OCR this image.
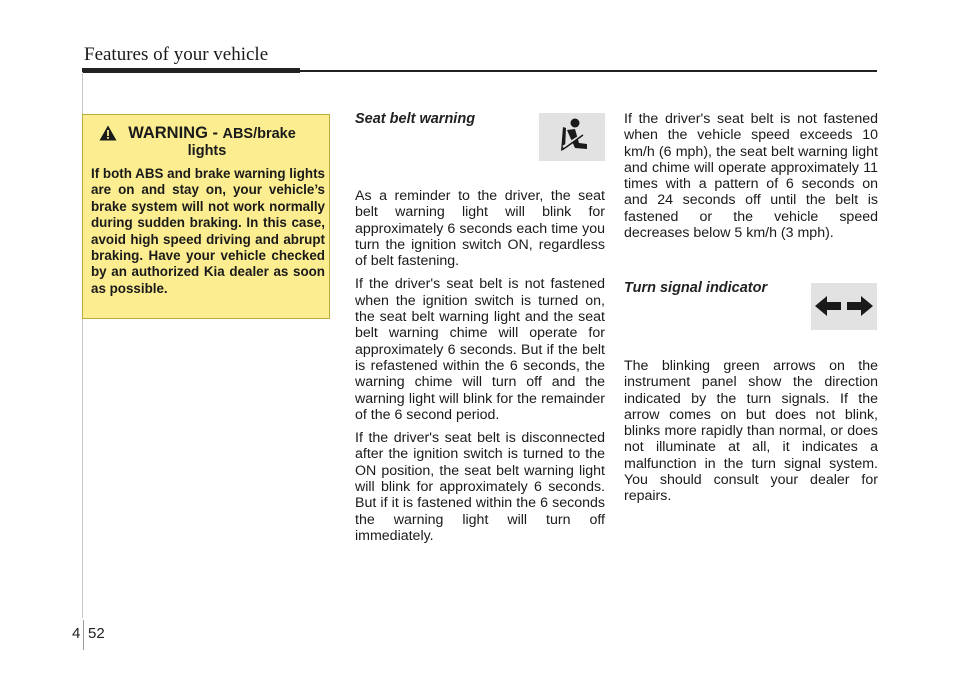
Features of your vehicle
WARNING - ABS/brake
lights
If both ABS and brake warning lights are on and stay on, your vehicle’s brake system will not work normally during sudden braking. In this case, avoid high speed driving and abrupt braking. Have your vehicle checked by an authorized Kia dealer as soon as possible.
Seat belt warning

As a reminder to the driver, the seat belt warning light will blink for approximately 6 seconds each time you turn the ignition switch ON, regardless of belt fastening.

If the driver's seat belt is not fastened when the ignition switch is turned on, the seat belt warning light and the seat belt warning chime will operate for approximately 6 seconds. But if the belt is refastened within the 6 seconds, the warning chime will turn off and the warning light will blink for the remainder of the 6 second period.

If the driver's seat belt is disconnected after the ignition switch is turned to the ON position, the seat belt warning light will blink for approximately 6 seconds. But if it is fastened within the 6 seconds the warning light will turn off immediately.

If the driver's seat belt is not fastened when the vehicle speed exceeds 10 km/h (6 mph), the seat belt warning light and chime will operate approximately 11 times with a pattern of 6 seconds on and 24 seconds off until the belt is fastened or the vehicle speed decreases below 5 km/h (3 mph).

Turn signal indicator

The blinking green arrows on the instrument panel show the direction indicated by the turn signals. If the arrow comes on but does not blink, blinks more rapidly than normal, or does not illuminate at all, it indicates a malfunction in the turn signal system. You should consult your dealer for repairs.

4 52
